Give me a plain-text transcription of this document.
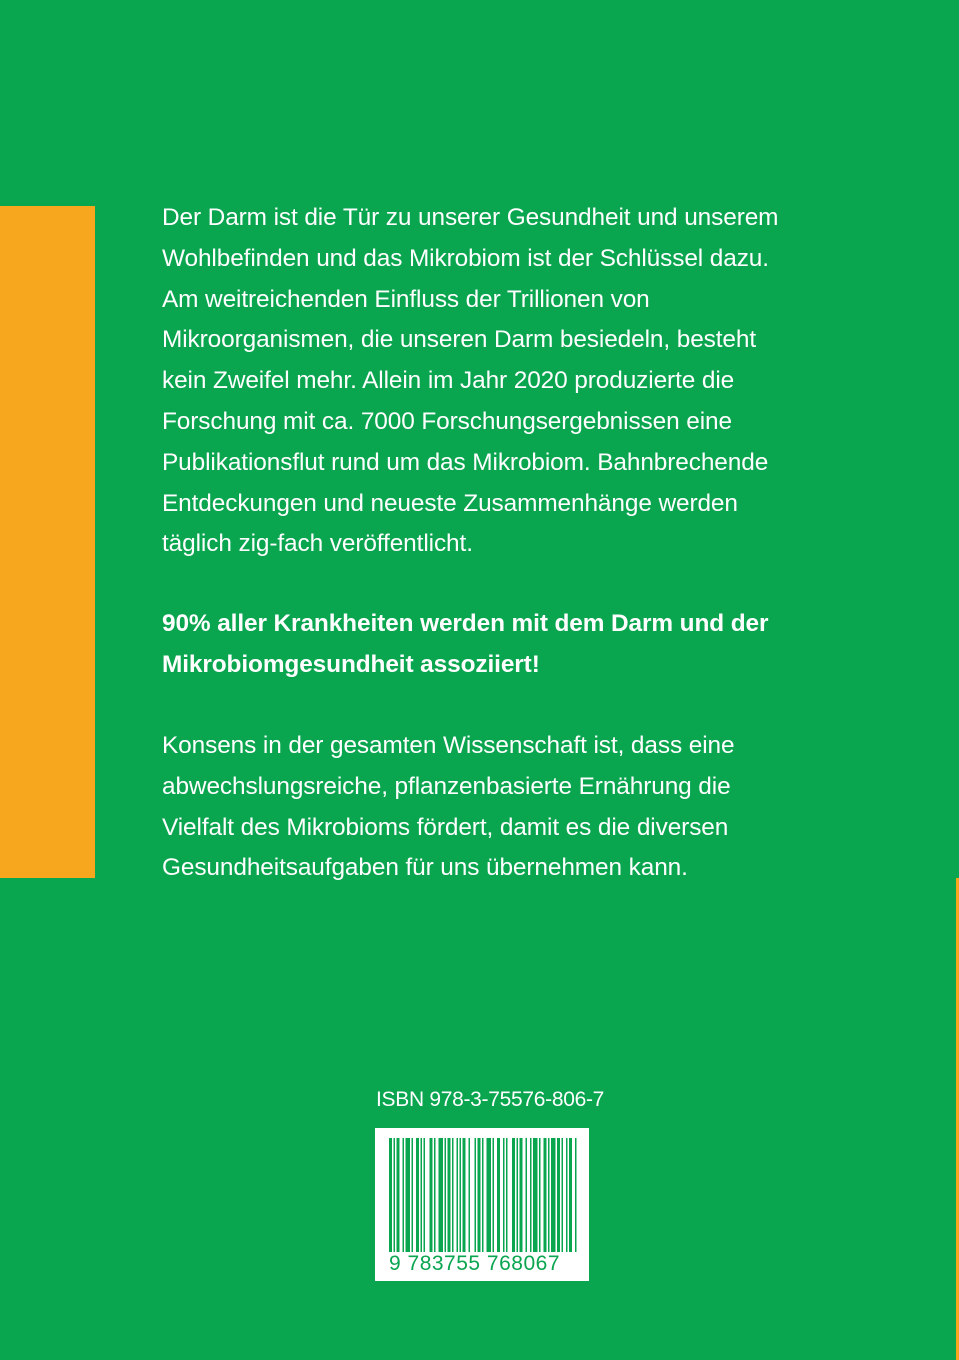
Der Darm ist die Tür zu unserer Gesundheit und unserem
Wohlbefinden und das Mikrobiom ist der Schlüssel dazu.
Am weitreichenden Einfluss der Trillionen von
Mikroorganismen, die unseren Darm besiedeln, besteht
kein Zweifel mehr. Allein im Jahr 2020 produzierte die
Forschung mit ca. 7000 Forschungsergebnissen eine
Publikationsflut rund um das Mikrobiom. Bahnbrechende
Entdeckungen und neueste Zusammenhänge werden
täglich zig-fach veröffentlicht.
90% aller Krankheiten werden mit dem Darm und der
Mikrobiomgesundheit assoziiert!
Konsens in der gesamten Wissenschaft ist, dass eine
abwechslungsreiche, pflanzenbasierte Ernährung die
Vielfalt des Mikrobioms fördert, damit es die diversen
Gesundheitsaufgaben für uns übernehmen kann.
ISBN 978-3-75576-806-7
9 783755 768067
